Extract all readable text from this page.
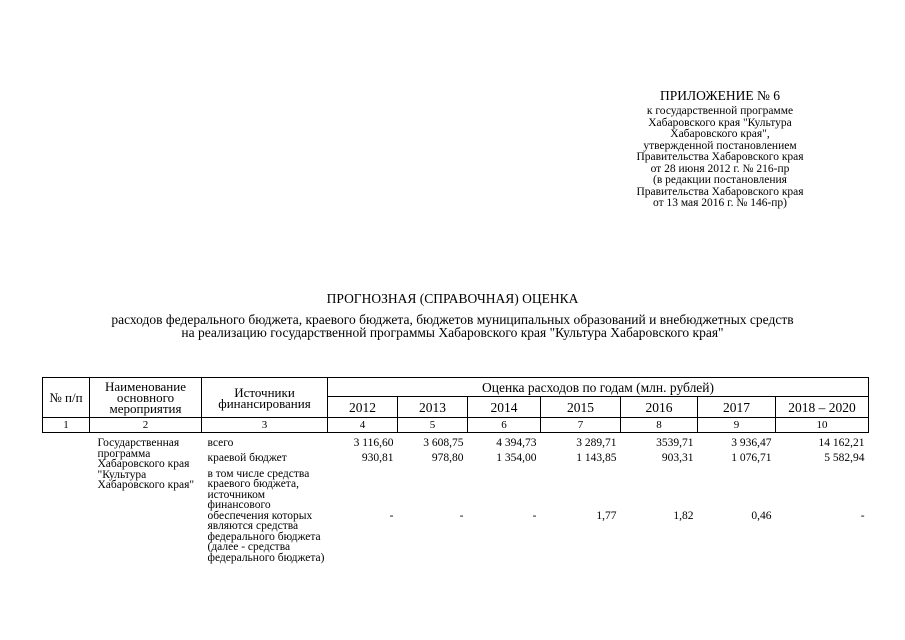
ПРИЛОЖЕНИЕ № 6
к государственной программе
Хабаровского края "Культура
Хабаровского края",
утвержденной постановлением
Правительства Хабаровского края
от 28 июня 2012 г. № 216-пр
(в редакции постановления
Правительства Хабаровского края
от 13 мая 2016 г. № 146-пр)
ПРОГНОЗНАЯ (СПРАВОЧНАЯ) ОЦЕНКА
расходов федерального бюджета, краевого бюджета, бюджетов муниципальных образований и внебюджетных средств
на реализацию государственной программы Хабаровского края "Культура Хабаровского края"
№ п/п	Наименование основного мероприятия	Источники финансирования	Оценка расходов по годам (млн. рублей)						
			2012	2013	2014	2015	2016	2017	2018 – 2020
1	2	3	4	5	6	7	8	9	10

	Государственная программа Хабаровского края "Культура Хабаровского края"	всего	3 116,60	3 608,75	4 394,73	3 289,71	3539,71	3 936,47	14 162,21
		краевой бюджет	930,81	978,80	1 354,00	1 143,85	903,31	1 076,71	5 582,94
		в том числе средства краевого бюджета, источником финансового обеспечения которых являются средства федерального бюджета (далее - средства федерального бюджета)	-	-	-	1,77	1,82	0,46	-
